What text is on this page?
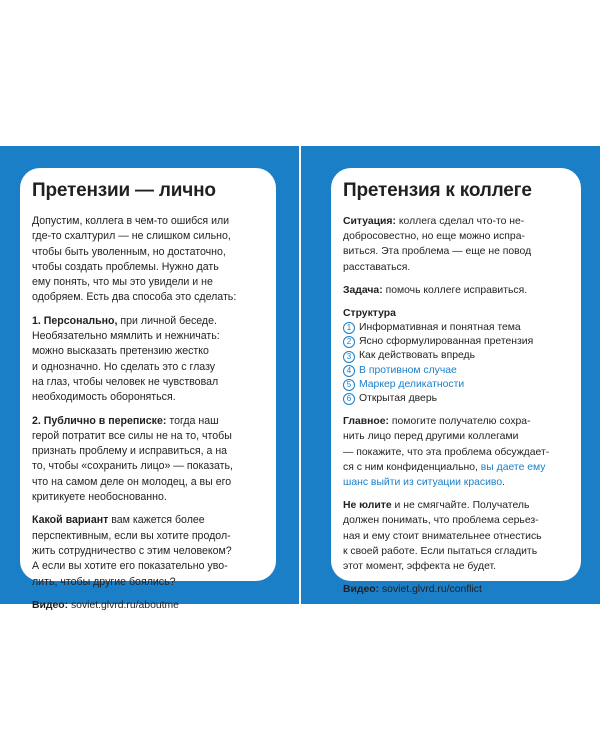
Претензии — лично

Допустим, коллега в чем-то ошибся или
где-то схалтурил — не слишком сильно,
чтобы быть уволенным, но достаточно,
чтобы создать проблемы. Нужно дать
ему понять, что мы это увидели и не
одобряем. Есть два способа это сделать:

1. Персонально, при личной беседе.
Необязательно мямлить и нежничать:
можно высказать претензию жестко
и однозначно. Но сделать это с глазу
на глаз, чтобы человек не чувствовал
необходимость обороняться.

2. Публично в переписке: тогда наш
герой потратит все силы не на то, чтобы
признать проблему и исправиться, а на
то, чтобы «сохранить лицо» — показать,
что на самом деле он молодец, а вы его
критикуете необоснованно.

Какой вариант вам кажется более
перспективным, если вы хотите продол-
жить сотрудничество с этим человеком?
А если вы хотите его показательно уво-
лить, чтобы другие боялись?

Видео: soviet.glvrd.ru/aboutme

Претензия к коллеге

Ситуация: коллега сделал что-то не-
добросовестно, но еще можно испра-
виться. Эта проблема — еще не повод
расставаться.

Задача: помочь коллеге исправиться.

Структура
1 Информативная и понятная тема
2 Ясно сформулированная претензия
3 Как действовать впредь
4 В противном случае
5 Маркер деликатности
6 Открытая дверь

Главное: помогите получателю сохра-
нить лицо перед другими коллегами
— покажите, что эта проблема обсуждает-
ся с ним конфиденциально, вы даете ему
шанс выйти из ситуации красиво.

Не юлите и не смягчайте. Получатель
должен понимать, что проблема серьез-
ная и ему стоит внимательнее отнестись
к своей работе. Если пытаться сгладить
этот момент, эффекта не будет.

Видео: soviet.glvrd.ru/conflict
